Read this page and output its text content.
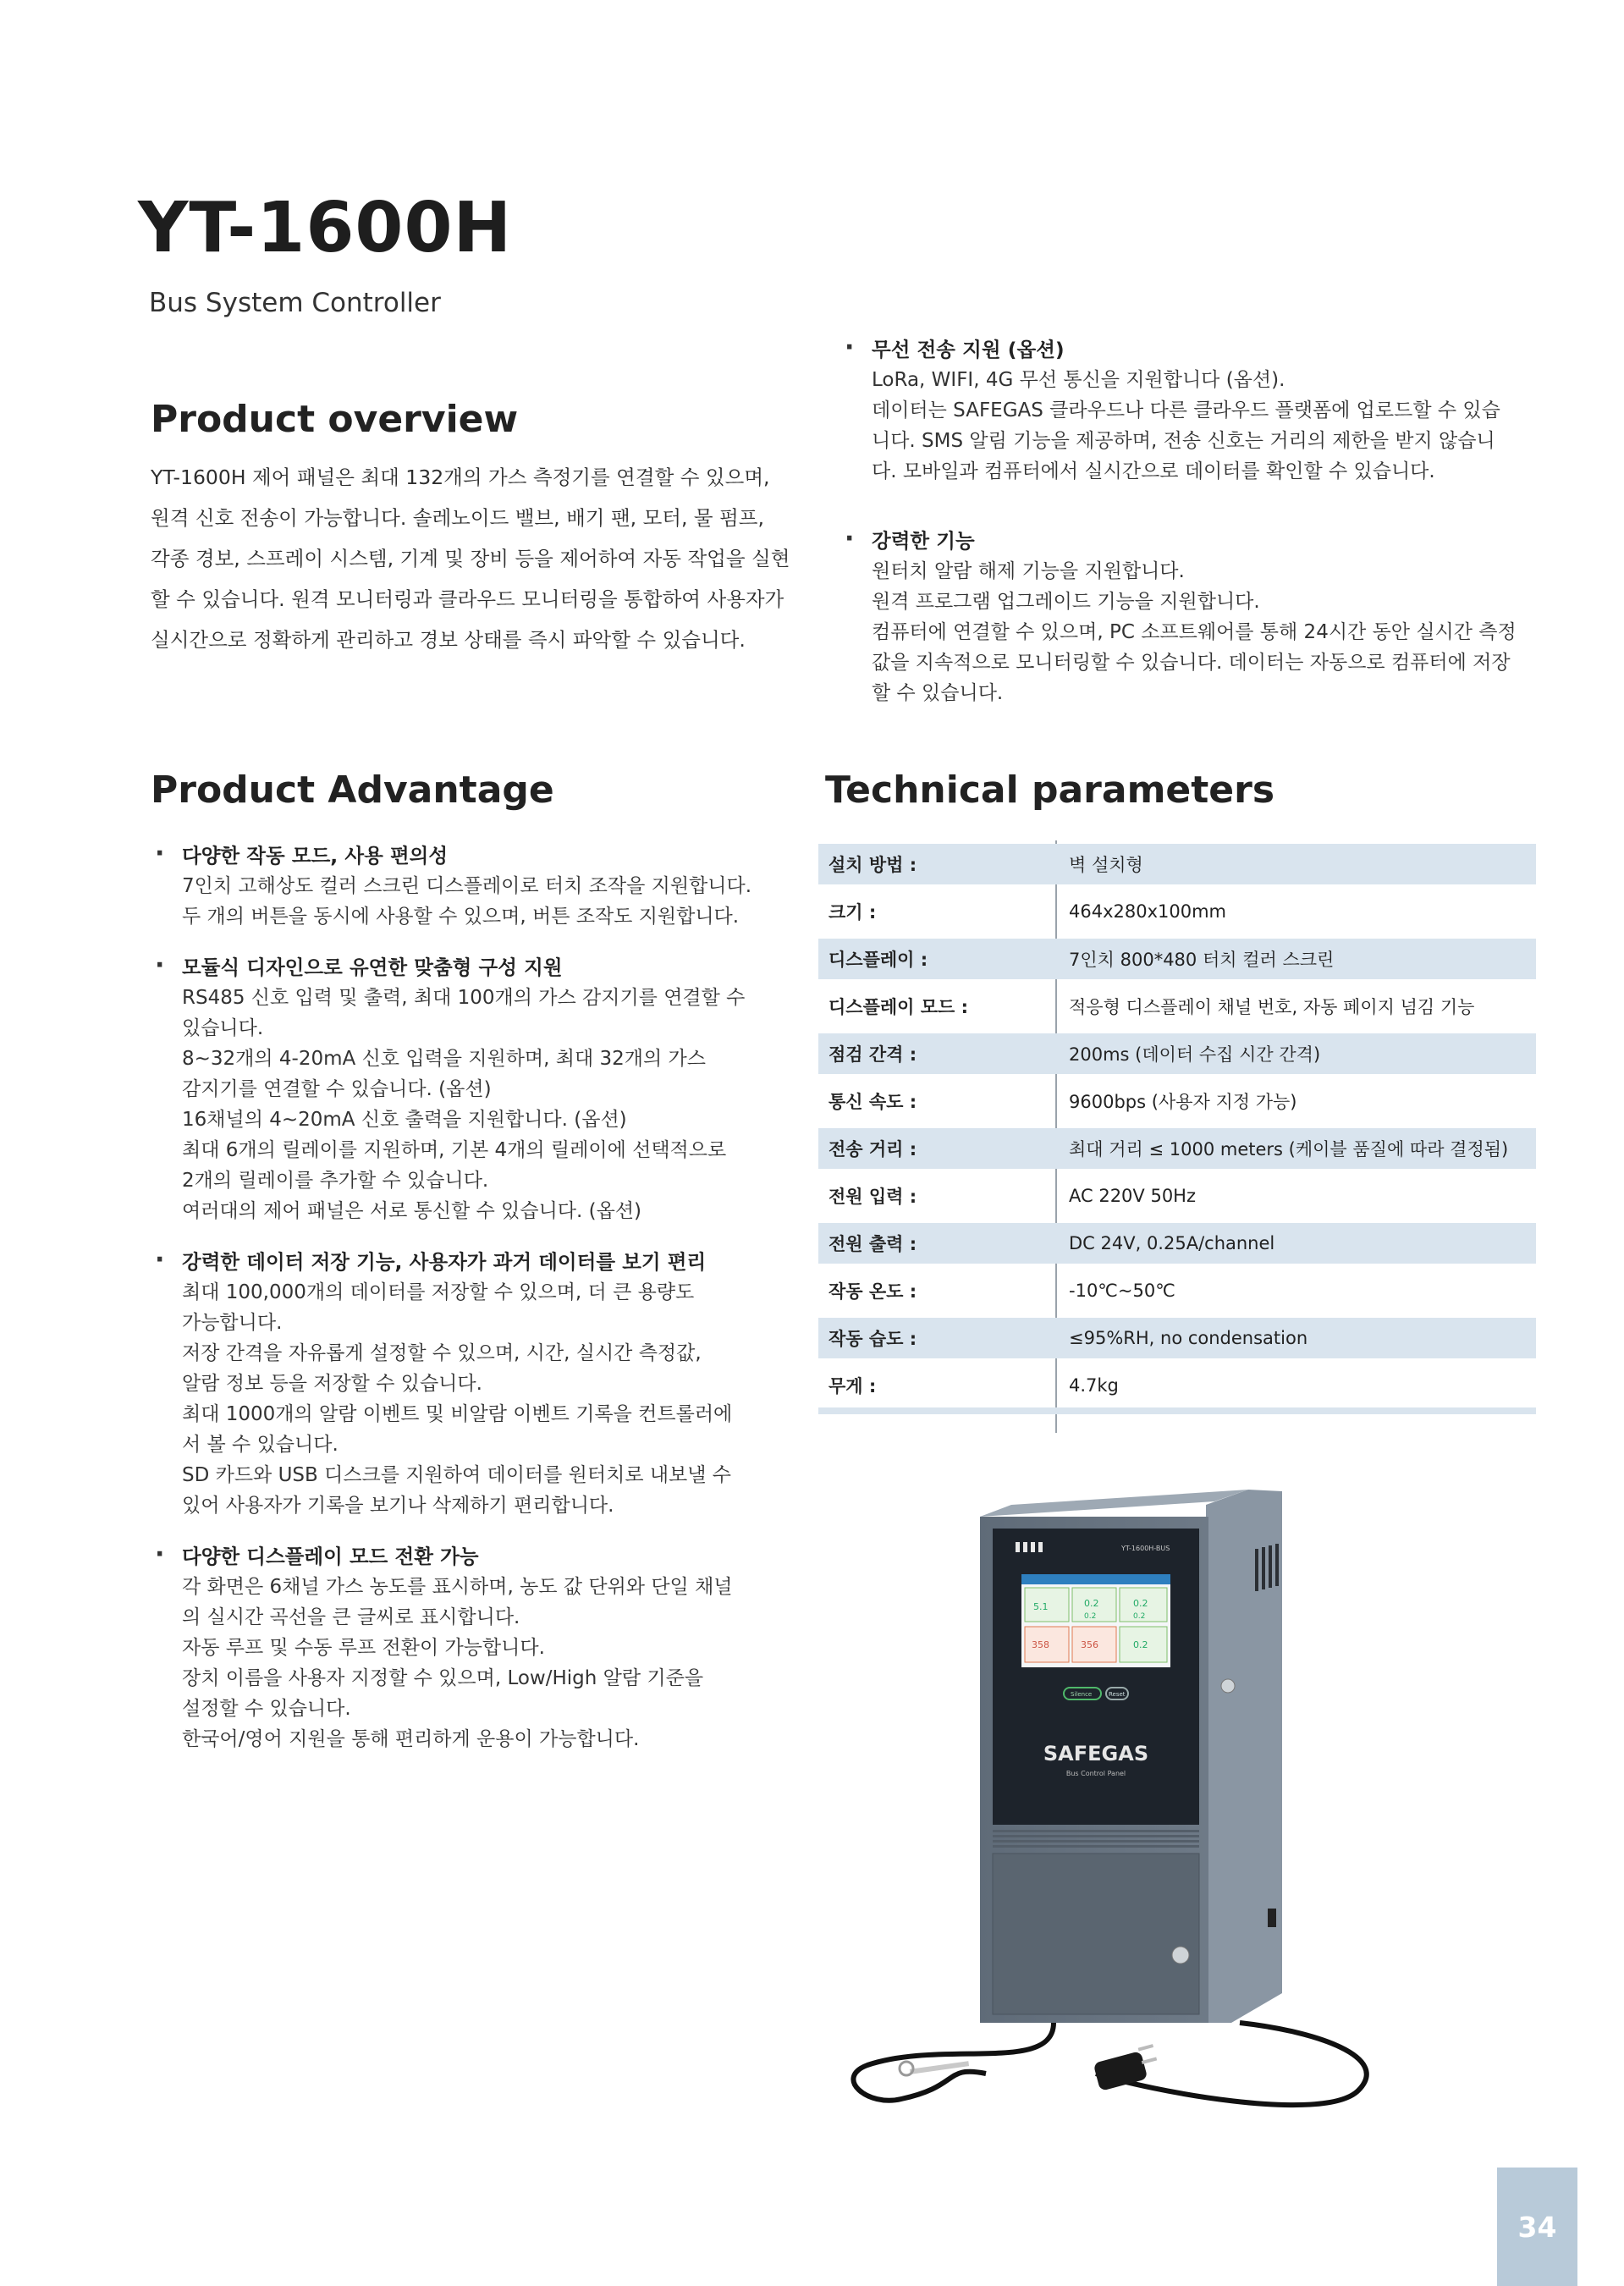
YT-1600H
Bus System Controller
Product overview
YT-1600H 제어 패널은 최대 132개의 가스 측정기를 연결할 수 있으며,
원격 신호 전송이 가능합니다. 솔레노이드 밸브, 배기 팬, 모터, 물 펌프,
각종 경보, 스프레이 시스템, 기계 및 장비 등을 제어하여 자동 작업을 실현
할 수 있습니다. 원격 모니터링과 클라우드 모니터링을 통합하여 사용자가
실시간으로 정확하게 관리하고 경보 상태를 즉시 파악할 수 있습니다.
· 무선 전송 지원 (옵션)
LoRa, WIFI, 4G 무선 통신을 지원합니다 (옵션).
데이터는 SAFEGAS 클라우드나 다른 클라우드 플랫폼에 업로드할 수 있습
니다. SMS 알림 기능을 제공하며, 전송 신호는 거리의 제한을 받지 않습니
다. 모바일과 컴퓨터에서 실시간으로 데이터를 확인할 수 있습니다.
· 강력한 기능
원터치 알람 해제 기능을 지원합니다.
원격 프로그램 업그레이드 기능을 지원합니다.
컴퓨터에 연결할 수 있으며, PC 소프트웨어를 통해 24시간 동안 실시간 측정
값을 지속적으로 모니터링할 수 있습니다. 데이터는 자동으로 컴퓨터에 저장
할 수 있습니다.
Product Advantage
· 다양한 작동 모드, 사용 편의성
7인치 고해상도 컬러 스크린 디스플레이로 터치 조작을 지원합니다.
두 개의 버튼을 동시에 사용할 수 있으며, 버튼 조작도 지원합니다.
· 모듈식 디자인으로 유연한 맞춤형 구성 지원
RS485 신호 입력 및 출력, 최대 100개의 가스 감지기를 연결할 수
있습니다.
8~32개의 4-20mA 신호 입력을 지원하며, 최대 32개의 가스
감지기를 연결할 수 있습니다. (옵션)
16채널의 4~20mA 신호 출력을 지원합니다. (옵션)
최대 6개의 릴레이를 지원하며, 기본 4개의 릴레이에 선택적으로
2개의 릴레이를 추가할 수 있습니다.
여러대의 제어 패널은 서로 통신할 수 있습니다. (옵션)
· 강력한 데이터 저장 기능, 사용자가 과거 데이터를 보기 편리
최대 100,000개의 데이터를 저장할 수 있으며, 더 큰 용량도
가능합니다.
저장 간격을 자유롭게 설정할 수 있으며, 시간, 실시간 측정값,
알람 정보 등을 저장할 수 있습니다.
최대 1000개의 알람 이벤트 및 비알람 이벤트 기록을 컨트롤러에
서 볼 수 있습니다.
SD 카드와 USB 디스크를 지원하여 데이터를 원터치로 내보낼 수
있어 사용자가 기록을 보기나 삭제하기 편리합니다.
· 다양한 디스플레이 모드 전환 가능
각 화면은 6채널 가스 농도를 표시하며, 농도 값 단위와 단일 채널
의 실시간 곡선을 큰 글씨로 표시합니다.
자동 루프 및 수동 루프 전환이 가능합니다.
장치 이름을 사용자 지정할 수 있으며, Low/High 알람 기준을
설정할 수 있습니다.
한국어/영어 지원을 통해 편리하게 운용이 가능합니다.
Technical parameters
설치 방법 :	벽 설치형
크기 :	464x280x100mm
디스플레이 :	7인치 800*480 터치 컬러 스크린
디스플레이 모드 :	적응형 디스플레이 채널 번호, 자동 페이지 넘김 기능
점검 간격 :	200ms (데이터 수집 시간 간격)
통신 속도 :	9600bps (사용자 지정 가능)
전송 거리 :	최대 거리 ≤ 1000 meters (케이블 품질에 따라 결정됨)
전원 입력 :	AC 220V 50Hz
전원 출력 :	DC 24V, 0.25A/channel
작동 온도 :	-10℃~50℃
작동 습도 :	≤95%RH, no condensation
무게 :	4.7kg
YT-1600H-BUS
5.1	0.2	0.2
0.2	0.2
358	356	0.2
Silence	Reset
SAFEGAS
Bus Control Panel
34
